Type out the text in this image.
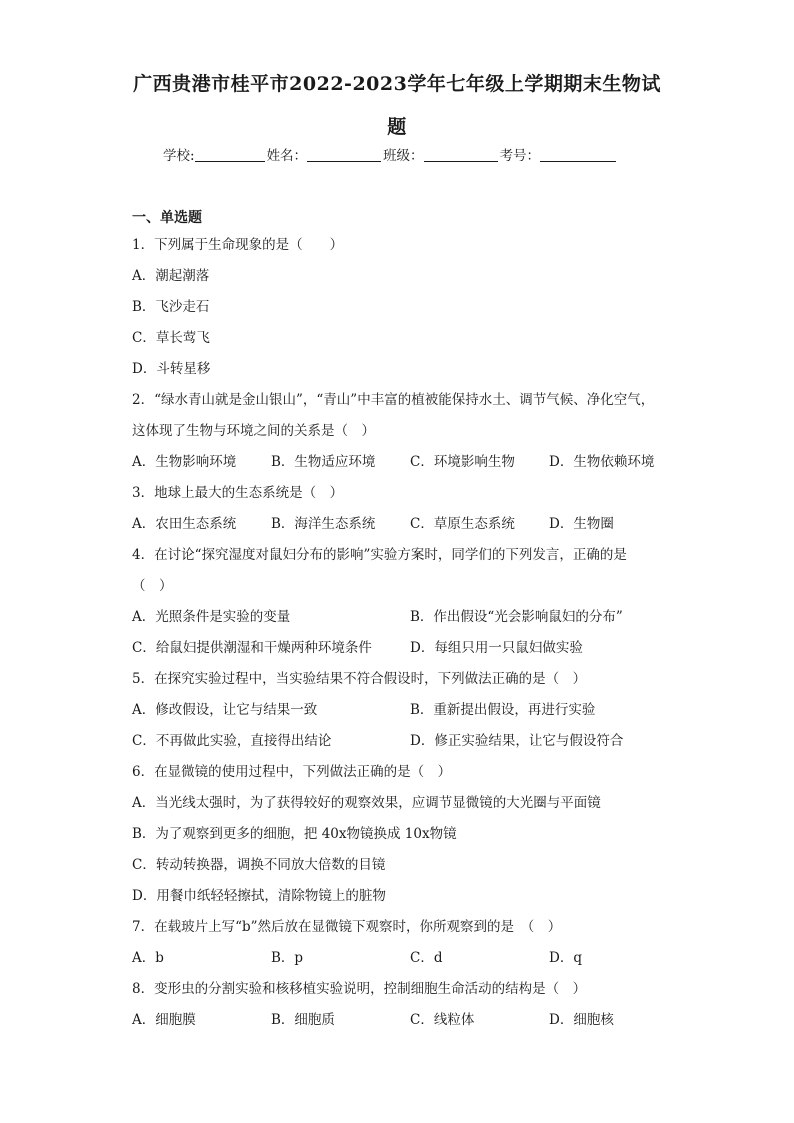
广西贵港市桂平市2022-2023学年七年级上学期期末生物试
题
学校:	姓名：	班级：	考号：
一、单选题
1．下列属于生命现象的是（　　）
A．潮起潮落
B．飞沙走石
C．草长莺飞
D．斗转星移
2．“绿水青山就是金山银山”，“青山”中丰富的植被能保持水土、调节气候、净化空气，
这体现了生物与环境之间的关系是（　）
A．生物影响环境	B．生物适应环境	C．环境影响生物	D．生物依赖环境
3．地球上最大的生态系统是（　）
A．农田生态系统	B．海洋生态系统	C．草原生态系统	D．生物圈
4．在讨论“探究湿度对鼠妇分布的影响”实验方案时，同学们的下列发言，正确的是
（　）
A．光照条件是实验的变量	B．作出假设“光会影响鼠妇的分布”
C．给鼠妇提供潮湿和干燥两种环境条件	D．每组只用一只鼠妇做实验
5．在探究实验过程中，当实验结果不符合假设时，下列做法正确的是（　）
A．修改假设，让它与结果一致	B．重新提出假设，再进行实验
C．不再做此实验，直接得出结论	D．修正实验结果，让它与假设符合
6．在显微镜的使用过程中，下列做法正确的是（　）
A．当光线太强时，为了获得较好的观察效果，应调节显微镜的大光圈与平面镜
B．为了观察到更多的细胞，把 40x物镜换成 10x物镜
C．转动转换器，调换不同放大倍数的目镜
D．用餐巾纸轻轻擦拭，清除物镜上的脏物
7．在载玻片上写“b”然后放在显微镜下观察时，你所观察到的是　（　）
A．b	B．p	C．d	D．q
8．变形虫的分割实验和核移植实验说明，控制细胞生命活动的结构是（　）
A．细胞膜	B．细胞质	C．线粒体	D．细胞核
